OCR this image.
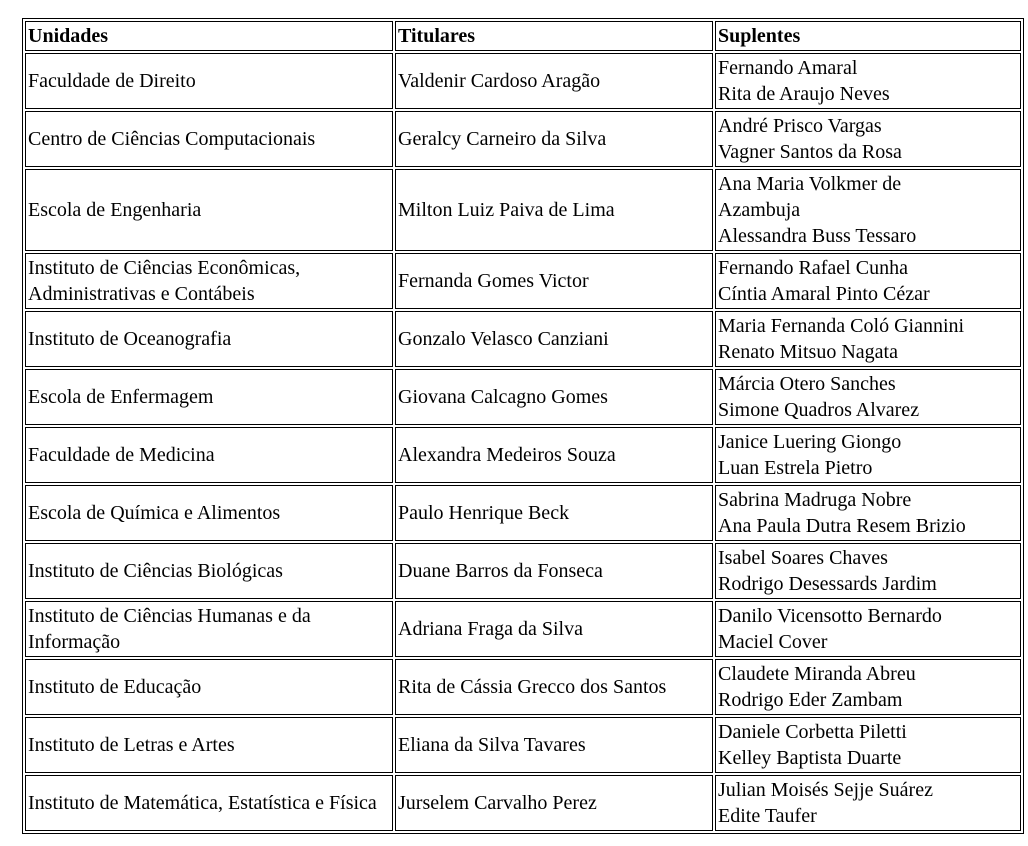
Unidades	Titulares	Suplentes
Faculdade de Direito	Valdenir Cardoso Aragão	Fernando Amaral
Rita de Araujo Neves

Centro de Ciências Computacionais	Geralcy Carneiro da Silva	André Prisco Vargas
Vagner Santos da Rosa

Escola de Engenharia	Milton Luiz Paiva de Lima	Ana Maria Volkmer de
Azambuja
Alessandra Buss Tessaro

Instituto de Ciências Econômicas, Administrativas e Contábeis	Fernanda Gomes Victor	Fernando Rafael Cunha
Cíntia Amaral Pinto Cézar

Instituto de Oceanografia	Gonzalo Velasco Canziani	Maria Fernanda Coló Giannini
Renato Mitsuo Nagata

Escola de Enfermagem	Giovana Calcagno Gomes	Márcia Otero Sanches
Simone Quadros Alvarez

Faculdade de Medicina	Alexandra Medeiros Souza	Janice Luering Giongo
Luan Estrela Pietro

Escola de Química e Alimentos	Paulo Henrique Beck	Sabrina Madruga Nobre
Ana Paula Dutra Resem Brizio

Instituto de Ciências Biológicas	Duane Barros da Fonseca	Isabel Soares Chaves
Rodrigo Desessards Jardim

Instituto de Ciências Humanas e da Informação	Adriana Fraga da Silva	Danilo Vicensotto Bernardo
Maciel Cover

Instituto de Educação	Rita de Cássia Grecco dos Santos	Claudete Miranda Abreu
Rodrigo Eder Zambam

Instituto de Letras e Artes	Eliana da Silva Tavares	Daniele Corbetta Piletti
Kelley Baptista Duarte

Instituto de Matemática, Estatística e Física	Jurselem Carvalho Perez	Julian Moisés Sejje Suárez
Edite Taufer
